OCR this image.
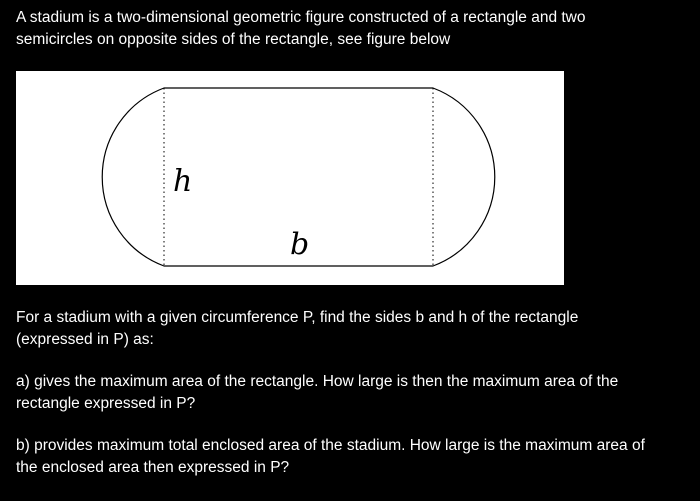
A stadium is a two-dimensional geometric figure constructed of a rectangle and two
semicircles on opposite sides of the rectangle, see figure below

h
b

For a stadium with a given circumference P, find the sides b and h of the rectangle
(expressed in P) as:

a) gives the maximum area of the rectangle. How large is then the maximum area of the
rectangle expressed in P?

b) provides maximum total enclosed area of the stadium. How large is the maximum area of
the enclosed area then expressed in P?
